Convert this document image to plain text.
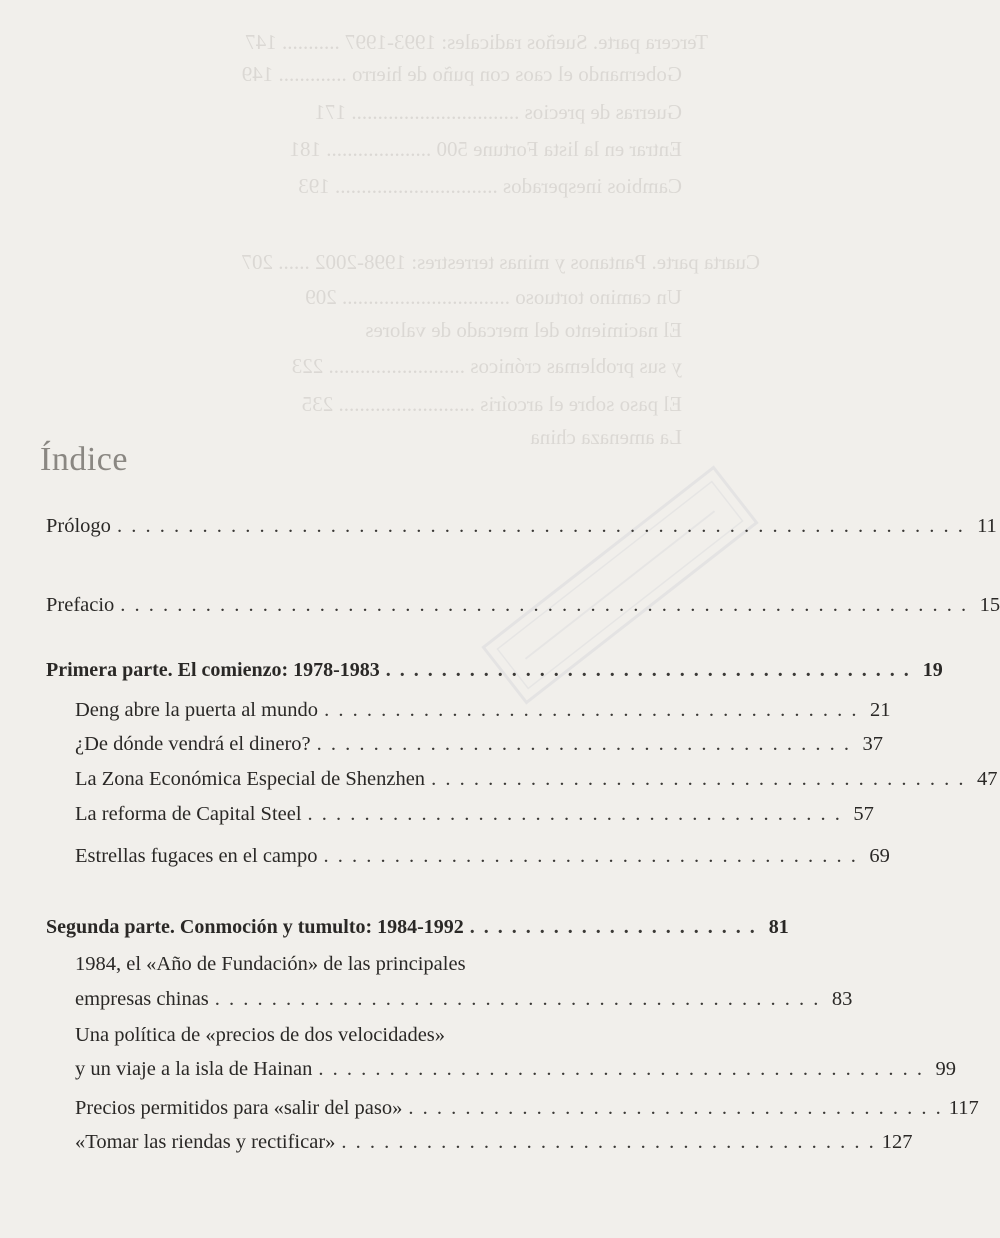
Tercera parte. Sueños radicales: 1993-1997 ........... 147
Gobernando el caos con puño de hierro ............. 149
Guerras de precios ................................ 171
Entrar en la lista Fortune 500 .................... 181
Cambios inesperados ............................... 193
Cuarta parte. Pantanos y minas terrestres: 1998-2002 ...... 207
Un camino tortuoso ................................ 209
El nacimiento del mercado de valores
y sus problemas crónicos .......................... 223
El paso sobre el arcoíris .......................... 235
La amenaza china
Índice
Prólogo . . . . . . . . . . . . . . . . . . . . . . . . . . . . . . . . . . . . . . . . . . . . . . . . . . . . . . . . . . . . 11
Prefacio . . . . . . . . . . . . . . . . . . . . . . . . . . . . . . . . . . . . . . . . . . . . . . . . . . . . . . . . . . . . 15
Primera parte. El comienzo: 1978-1983 . . . . . . . . . . . . . . . . . . . . . . . . . . . . . . . . . . . . . . 19
Deng abre la puerta al mundo . . . . . . . . . . . . . . . . . . . . . . . . . . . . . . . . . . . . . . 21
¿De dónde vendrá el dinero? . . . . . . . . . . . . . . . . . . . . . . . . . . . . . . . . . . . . . . 37
La Zona Económica Especial de Shenzhen . . . . . . . . . . . . . . . . . . . . . . . . . . . . . . . . . . . . . . 47
La reforma de Capital Steel . . . . . . . . . . . . . . . . . . . . . . . . . . . . . . . . . . . . . . 57
Estrellas fugaces en el campo . . . . . . . . . . . . . . . . . . . . . . . . . . . . . . . . . . . . . . 69
Segunda parte. Conmoción y tumulto: 1984-1992 . . . . . . . . . . . . . . . . . . . . . 81
1984, el «Año de Fundación» de las principales
empresas chinas . . . . . . . . . . . . . . . . . . . . . . . . . . . . . . . . . . . . . . . . . . . 83
Una política de «precios de dos velocidades»
y un viaje a la isla de Hainan . . . . . . . . . . . . . . . . . . . . . . . . . . . . . . . . . . . . . . . . . . . 99
Precios permitidos para «salir del paso» . . . . . . . . . . . . . . . . . . . . . . . . . . . . . . . . . . . . . . 117
«Tomar las riendas y rectificar» . . . . . . . . . . . . . . . . . . . . . . . . . . . . . . . . . . . . . . 127
